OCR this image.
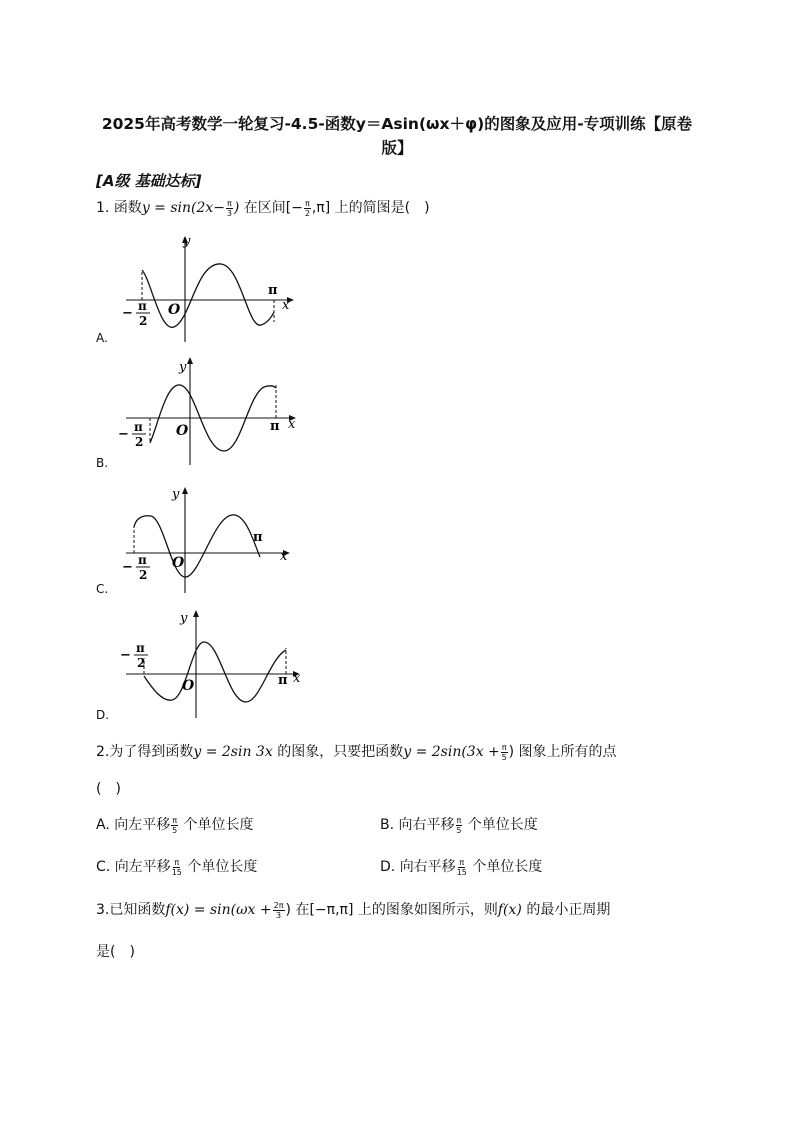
2025年高考数学一轮复习-4.5-函数y＝Asin(ωx＋φ)的图象及应用-专项训练【原卷
版】
[A级 基础达标]
1. 函数$y = \sin(2x- \frac{\pi}{3}$ ) 在区间[− $\frac{\pi}{2} ,\pi$] 上的简图是(　)
y
x
O
π
− π
2
A.
y
x
O	π
− π
2
B.
y
x
O
π
− π
2
C.
y
x
O	π
− π
2
D.
2.为了得到函数y = 2sin 3x 的图象，只要把函数$y = 2\sin(3x + \frac{\pi}{5}$ ) 图象上所有的点
(　)
A. 向左平移 $\frac{\pi}{5}$ 个单位长度	B. 向右平移 $\frac{\pi}{5}$ 个单位长度
C. 向左平移 $\frac{\pi}{15}$ 个单位长度	D. 向右平移 $\frac{\pi}{15}$ 个单位长度
3.已知函数$f(x) = \sin(\omega x + \frac{2\pi}{3}$ ) 在[−π,π] 上的图象如图所示，则f(x) 的最小正周期
是(　)
